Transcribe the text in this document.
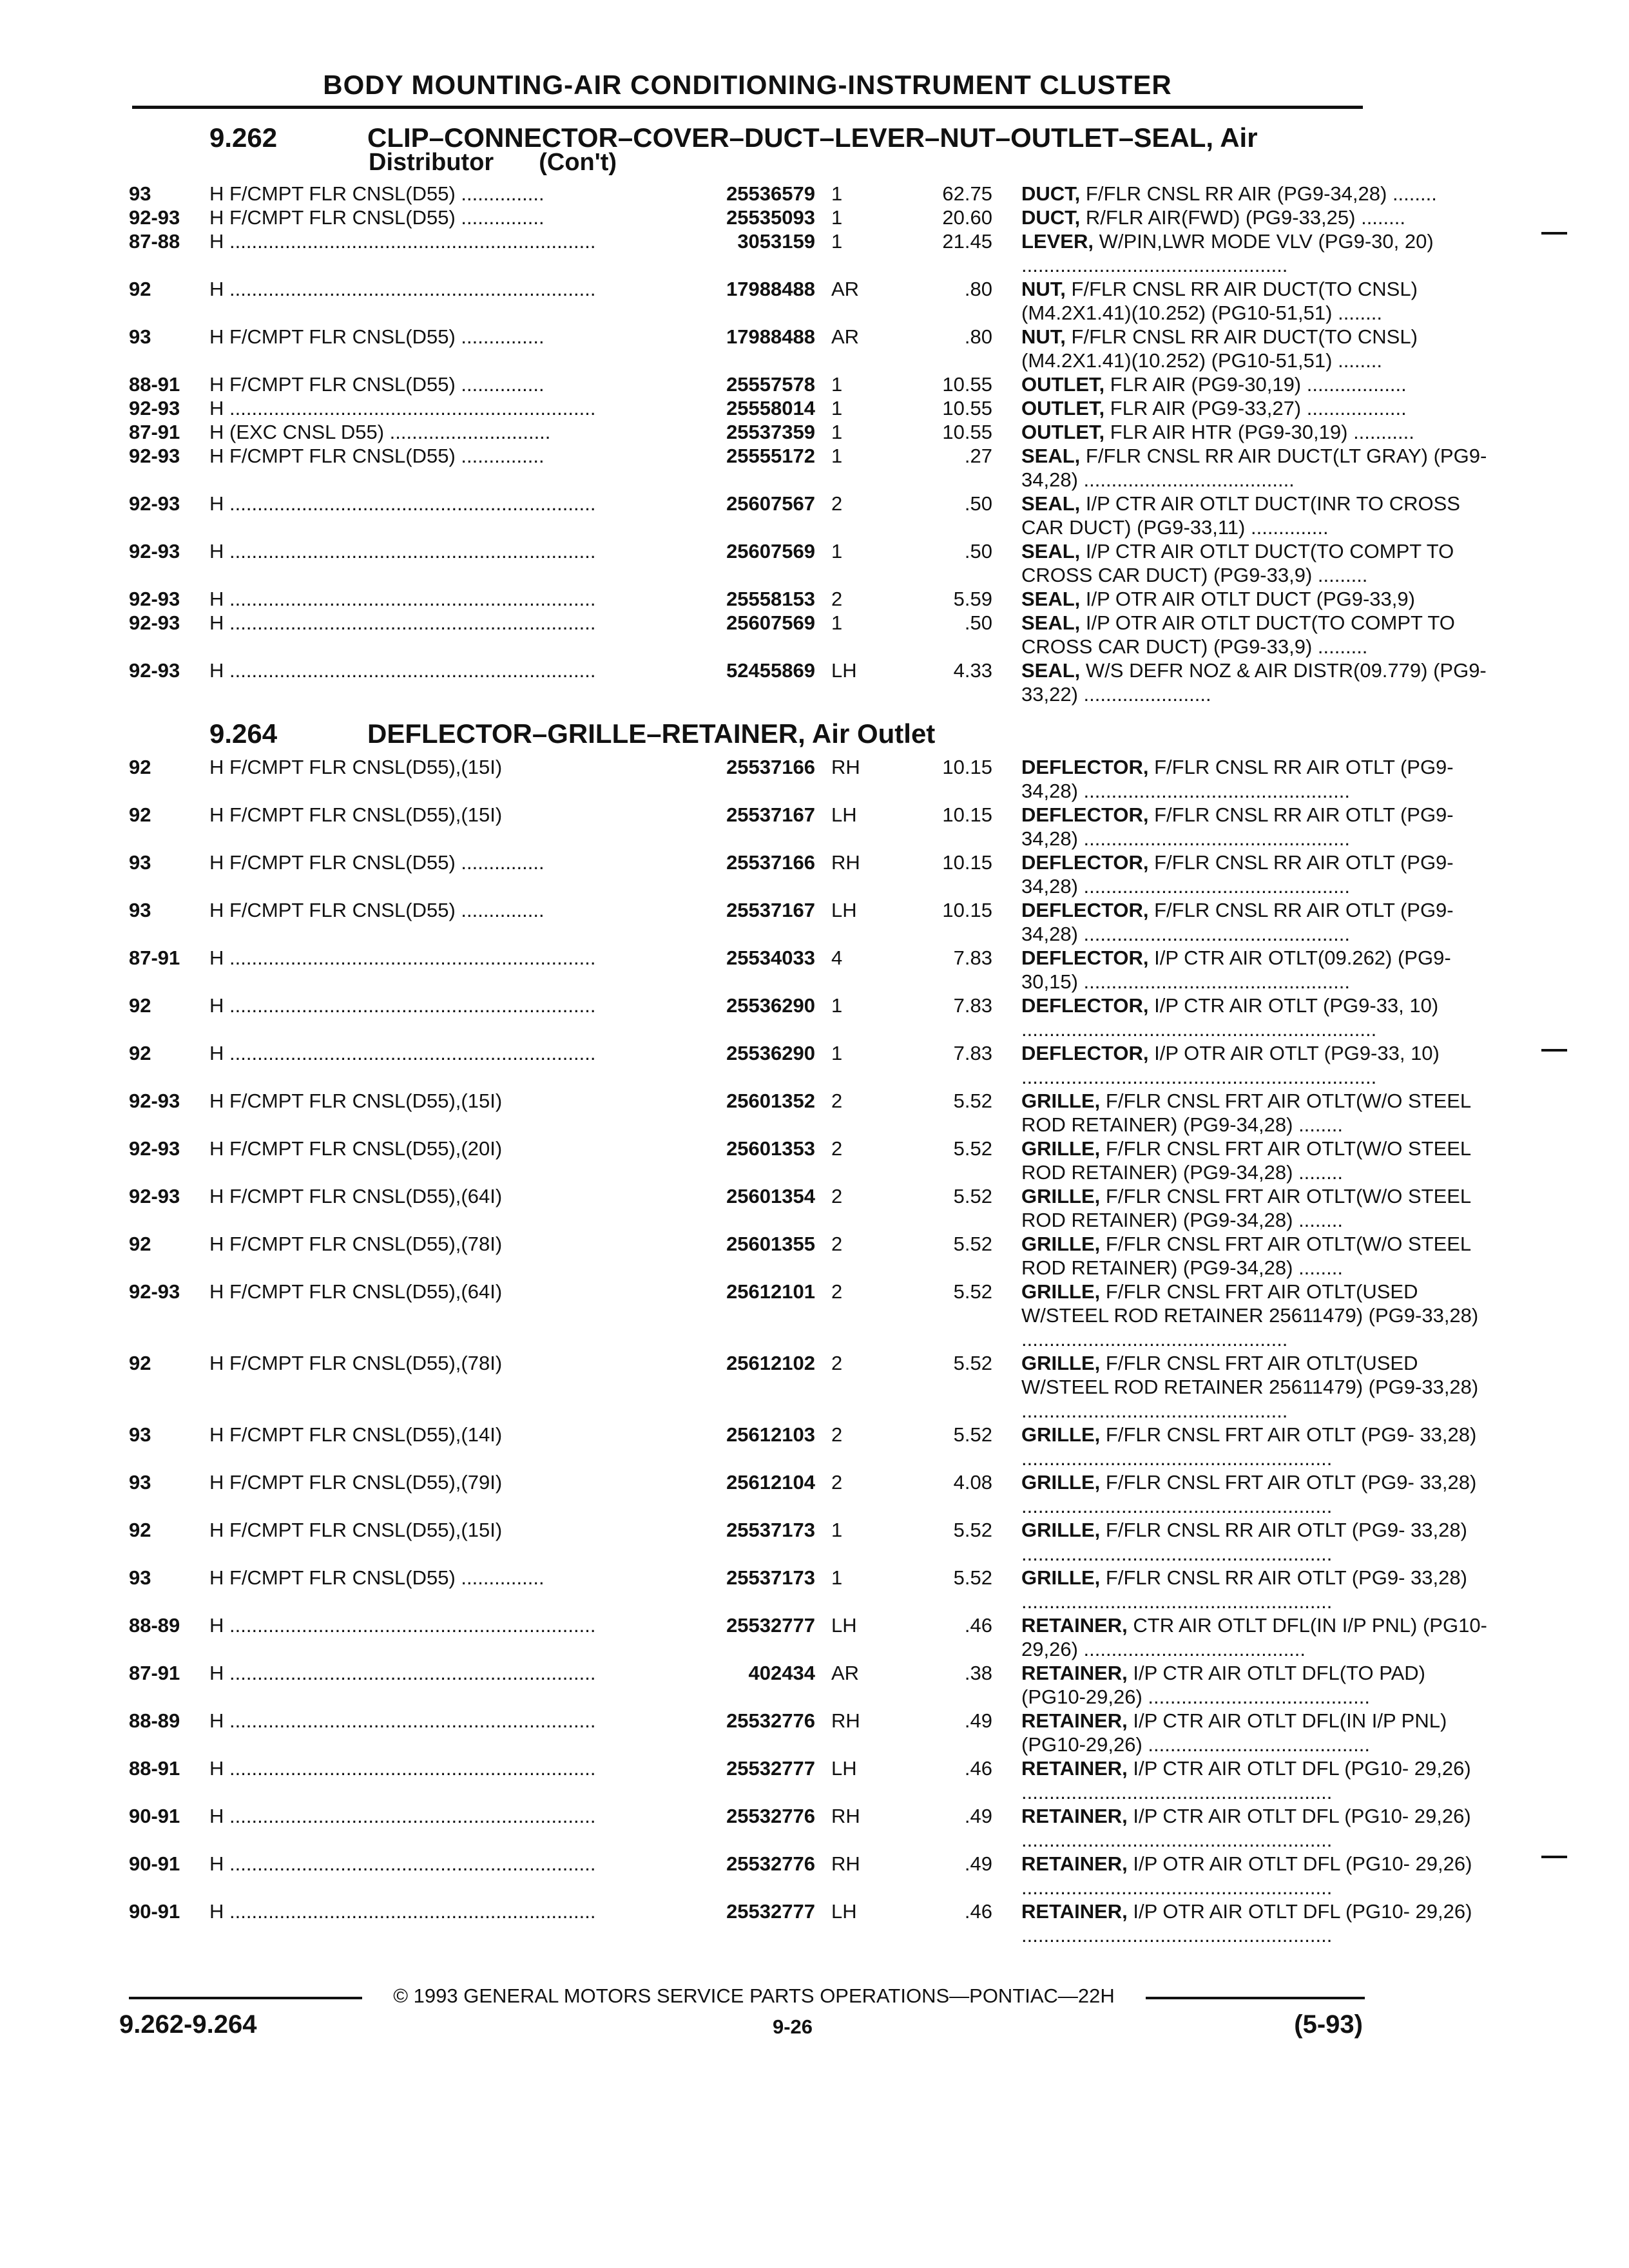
BODY MOUNTING-AIR CONDITIONING-INSTRUMENT CLUSTER
9.262	CLIP–CONNECTOR–COVER–DUCT–LEVER–NUT–OUTLET–SEAL, Air
Distributor (Con't)
93	H F/CMPT FLR CNSL(D55) ...............	25536579 1	62.75 DUCT, F/FLR CNSL RR AIR (PG9-34,28) ........
92-93 H F/CMPT FLR CNSL(D55) ...............	25535093 1	20.60 DUCT, R/FLR AIR(FWD) (PG9-33,25) ........
87-88 H ..................................................................	3053159 1	21.45 LEVER, W/PIN,LWR MODE VLV (PG9-30, 20) ................................................
92	H ..................................................................	17988488 AR	.80 NUT, F/FLR CNSL RR AIR DUCT(TO CNSL) (M4.2X1.41)(10.252) (PG10-51,51) ........
93	H F/CMPT FLR CNSL(D55) ...............	17988488 AR	.80 NUT, F/FLR CNSL RR AIR DUCT(TO CNSL) (M4.2X1.41)(10.252) (PG10-51,51) ........
88-91 H F/CMPT FLR CNSL(D55) ...............	25557578 1	10.55 OUTLET, FLR AIR (PG9-30,19) ..................
92-93 H ..................................................................	25558014 1	10.55 OUTLET, FLR AIR (PG9-33,27) ..................
87-91 H (EXC CNSL D55) .............................	25537359 1	10.55 OUTLET, FLR AIR HTR (PG9-30,19) ...........
92-93 H F/CMPT FLR CNSL(D55) ...............	25555172 1	.27 SEAL, F/FLR CNSL RR AIR DUCT(LT GRAY) (PG9-34,28) ......................................
92-93 H ..................................................................	25607567 2	.50 SEAL, I/P CTR AIR OTLT DUCT(INR TO CROSS CAR DUCT) (PG9-33,11) ..............
92-93 H ..................................................................	25607569 1	.50 SEAL, I/P CTR AIR OTLT DUCT(TO COMPT TO CROSS CAR DUCT) (PG9-33,9) .........
92-93 H ..................................................................	25558153 2	5.59 SEAL, I/P OTR AIR OTLT DUCT (PG9-33,9)
92-93 H ..................................................................	25607569 1	.50 SEAL, I/P OTR AIR OTLT DUCT(TO COMPT TO CROSS CAR DUCT) (PG9-33,9) .........
92-93 H ..................................................................	52455869 LH	4.33 SEAL, W/S DEFR NOZ & AIR DISTR(09.779) (PG9-33,22) .......................
9.264	DEFLECTOR–GRILLE–RETAINER, Air Outlet
92	H F/CMPT FLR CNSL(D55),(15I)	25537166 RH	10.15 DEFLECTOR, F/FLR CNSL RR AIR OTLT (PG9-34,28) ................................................
92	H F/CMPT FLR CNSL(D55),(15I)	25537167 LH	10.15 DEFLECTOR, F/FLR CNSL RR AIR OTLT (PG9-34,28) ................................................
93	H F/CMPT FLR CNSL(D55) ...............	25537166 RH	10.15 DEFLECTOR, F/FLR CNSL RR AIR OTLT (PG9-34,28) ................................................
93	H F/CMPT FLR CNSL(D55) ...............	25537167 LH	10.15 DEFLECTOR, F/FLR CNSL RR AIR OTLT (PG9-34,28) ................................................
87-91 H ..................................................................	25534033 4	7.83 DEFLECTOR, I/P CTR AIR OTLT(09.262) (PG9-30,15) ................................................
92	H ..................................................................	25536290 1	7.83 DEFLECTOR, I/P CTR AIR OTLT (PG9-33, 10) ................................................................
92	H ..................................................................	25536290 1	7.83 DEFLECTOR, I/P OTR AIR OTLT (PG9-33, 10) ................................................................
92-93 H F/CMPT FLR CNSL(D55),(15I)	25601352 2	5.52 GRILLE, F/FLR CNSL FRT AIR OTLT(W/O STEEL ROD RETAINER) (PG9-34,28) ........
92-93 H F/CMPT FLR CNSL(D55),(20I)	25601353 2	5.52 GRILLE, F/FLR CNSL FRT AIR OTLT(W/O STEEL ROD RETAINER) (PG9-34,28) ........
92-93 H F/CMPT FLR CNSL(D55),(64I)	25601354 2	5.52 GRILLE, F/FLR CNSL FRT AIR OTLT(W/O STEEL ROD RETAINER) (PG9-34,28) ........
92	H F/CMPT FLR CNSL(D55),(78I)	25601355 2	5.52 GRILLE, F/FLR CNSL FRT AIR OTLT(W/O STEEL ROD RETAINER) (PG9-34,28) ........
92-93 H F/CMPT FLR CNSL(D55),(64I)	25612101 2	5.52 GRILLE, F/FLR CNSL FRT AIR OTLT(USED W/STEEL ROD RETAINER 25611479) (PG9-33,28) ................................................
92	H F/CMPT FLR CNSL(D55),(78I)	25612102 2	5.52 GRILLE, F/FLR CNSL FRT AIR OTLT(USED W/STEEL ROD RETAINER 25611479) (PG9-33,28) ................................................
93	H F/CMPT FLR CNSL(D55),(14I)	25612103 2	5.52 GRILLE, F/FLR CNSL FRT AIR OTLT (PG9- 33,28) ........................................................
93	H F/CMPT FLR CNSL(D55),(79I)	25612104 2	4.08 GRILLE, F/FLR CNSL FRT AIR OTLT (PG9- 33,28) ........................................................
92	H F/CMPT FLR CNSL(D55),(15I)	25537173 1	5.52 GRILLE, F/FLR CNSL RR AIR OTLT (PG9- 33,28) ........................................................
93	H F/CMPT FLR CNSL(D55) ...............	25537173 1	5.52 GRILLE, F/FLR CNSL RR AIR OTLT (PG9- 33,28) ........................................................
88-89 H ..................................................................	25532777 LH	.46 RETAINER, CTR AIR OTLT DFL(IN I/P PNL) (PG10-29,26) ........................................
87-91 H ..................................................................	402434 AR	.38 RETAINER, I/P CTR AIR OTLT DFL(TO PAD) (PG10-29,26) ........................................
88-89 H ..................................................................	25532776 RH	.49 RETAINER, I/P CTR AIR OTLT DFL(IN I/P PNL) (PG10-29,26) ........................................
88-91 H ..................................................................	25532777 LH	.46 RETAINER, I/P CTR AIR OTLT DFL (PG10- 29,26) ........................................................
90-91 H ..................................................................	25532776 RH	.49 RETAINER, I/P CTR AIR OTLT DFL (PG10- 29,26) ........................................................
90-91 H ..................................................................	25532776 RH	.49 RETAINER, I/P OTR AIR OTLT DFL (PG10- 29,26) ........................................................
90-91 H ..................................................................	25532777 LH	.46 RETAINER, I/P OTR AIR OTLT DFL (PG10- 29,26) ........................................................
© 1993 GENERAL MOTORS SERVICE PARTS OPERATIONS—PONTIAC—22H
9.262-9.264	9-26	(5-93)
